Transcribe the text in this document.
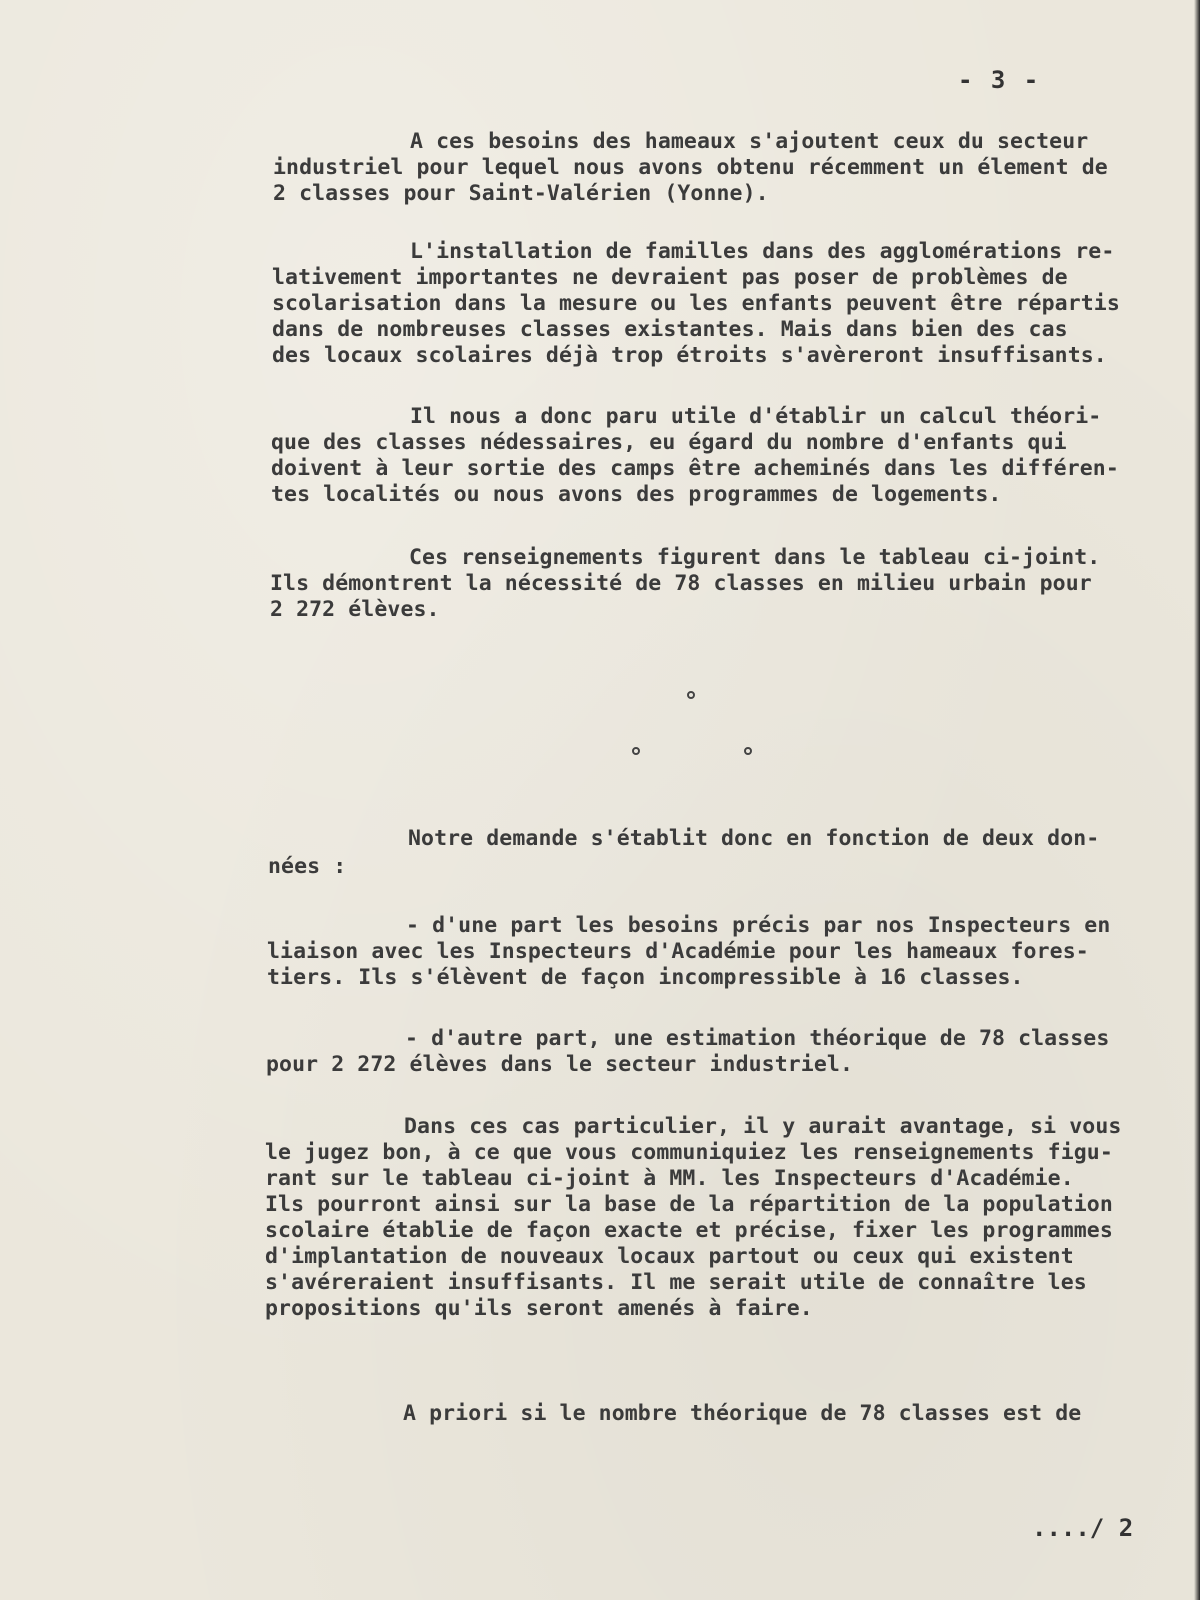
- 3 -
A ces besoins des hameaux s'ajoutent ceux du secteur
industriel pour lequel nous avons obtenu récemment un élement de
2 classes pour Saint-Valérien (Yonne).
L'installation de familles dans des agglomérations re-
lativement importantes ne devraient pas poser de problèmes de
scolarisation dans la mesure ou les enfants peuvent être répartis
dans de nombreuses classes existantes. Mais dans bien des cas
des locaux scolaires déjà trop étroits s'avèreront insuffisants.
Il nous a donc paru utile d'établir un calcul théori-
que des classes nédessaires, eu égard du nombre d'enfants qui
doivent à leur sortie des camps être acheminés dans les différen-
tes localités ou nous avons des programmes de logements.
Ces renseignements figurent dans le tableau ci-joint.
Ils démontrent la nécessité de 78 classes en milieu urbain pour
2 272 élèves.
Notre demande s'établit donc en fonction de deux don-
nées :
- d'une part les besoins précis par nos Inspecteurs en
liaison avec les Inspecteurs d'Académie pour les hameaux fores-
tiers. Ils s'élèvent de façon incompressible à 16 classes.
- d'autre part, une estimation théorique de 78 classes
pour 2 272 élèves dans le secteur industriel.
Dans ces cas particulier, il y aurait avantage, si vous
le jugez bon, à ce que vous communiquiez les renseignements figu-
rant sur le tableau ci-joint à MM. les Inspecteurs d'Académie.
Ils pourront ainsi sur la base de la répartition de la population
scolaire établie de façon exacte et précise, fixer les programmes
d'implantation de nouveaux locaux partout ou ceux qui existent
s'avéreraient insuffisants. Il me serait utile de connaître les
propositions qu'ils seront amenés à faire.
A priori si le nombre théorique de 78 classes est de
..../ 2
